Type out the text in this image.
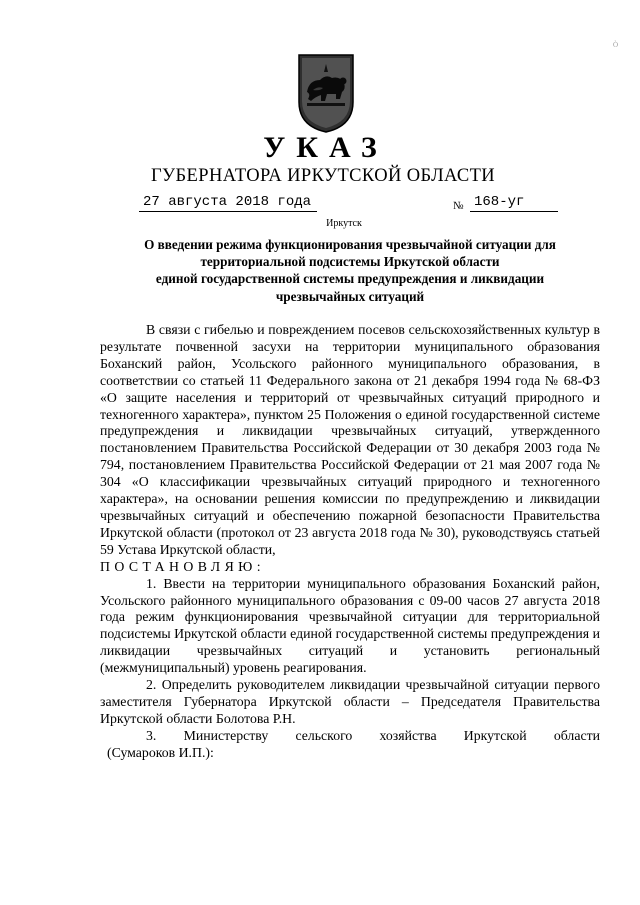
Ò
УКАЗ
ГУБЕРНАТОРА ИРКУТСКОЙ ОБЛАСТИ
27 августа 2018 года	№ 168-уг
Иркутск
О введении режима функционирования чрезвычайной ситуации для
территориальной подсистемы Иркутской области
единой государственной системы предупреждения и ликвидации
чрезвычайных ситуаций

В связи с гибелью и повреждением посевов сельскохозяйственных культур в результате почвенной засухи на территории муниципального образования Боханский район, Усольского районного муниципального образования, в соответствии со статьей 11 Федерального закона от 21 декабря 1994 года № 68-ФЗ «О защите населения и территорий от чрезвычайных ситуаций природного и техногенного характера», пунктом 25 Положения о единой государственной системе предупреждения и ликвидации чрезвычайных ситуаций, утвержденного постановлением Правительства Российской Федерации от 30 декабря 2003 года № 794, постановлением Правительства Российской Федерации от 21 мая 2007 года № 304 «О классификации чрезвычайных ситуаций природного и техногенного характера», на основании решения комиссии по предупреждению и ликвидации чрезвычайных ситуаций и обеспечению пожарной безопасности Правительства Иркутской области (протокол от 23 августа 2018 года № 30), руководствуясь статьей 59 Устава Иркутской области,

ПОСТАНОВЛЯЮ:

1. Ввести на территории муниципального образования Боханский район, Усольского районного муниципального образования с 09-00 часов 27 августа 2018 года режим функционирования чрезвычайной ситуации для территориальной подсистемы Иркутской области единой государственной системы предупреждения и ликвидации чрезвычайных ситуаций и установить региональный (межмуниципальный) уровень реагирования.

2. Определить руководителем ликвидации чрезвычайной ситуации первого заместителя Губернатора Иркутской области – Председателя Правительства Иркутской области Болотова Р.Н.

3. Министерству сельского хозяйства Иркутской области

(Сумароков И.П.):
